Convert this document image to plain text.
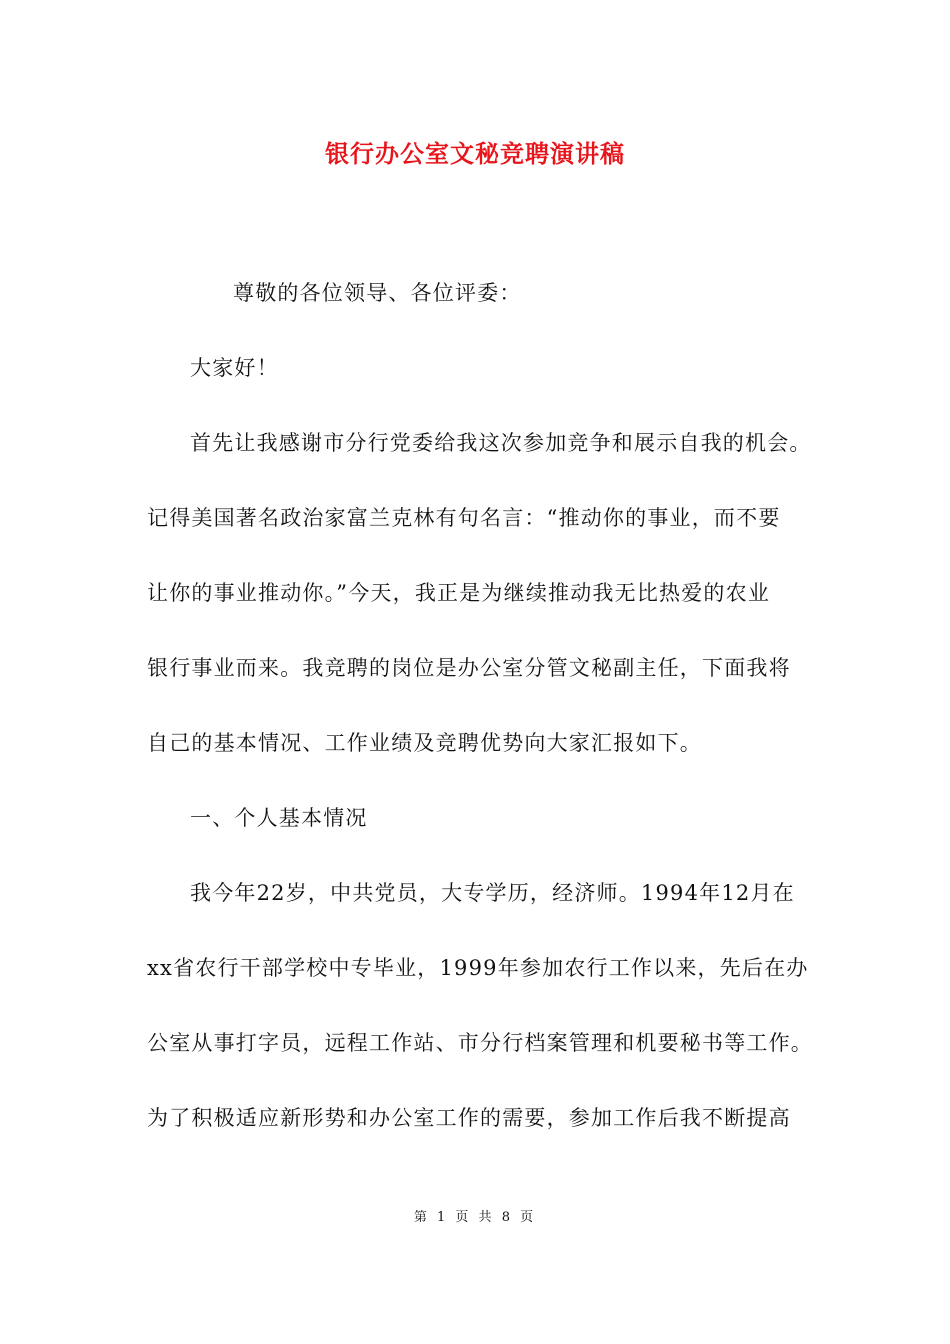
银行办公室文秘竞聘演讲稿
尊敬的各位领导、各位评委：
大家好！
首先让我感谢市分行党委给我这次参加竞争和展示自我的机会。
记得美国著名政治家富兰克林有句名言：“推动你的事业，而不要
让你的事业推动你。”今天，我正是为继续推动我无比热爱的农业
银行事业而来。我竞聘的岗位是办公室分管文秘副主任，下面我将
自己的基本情况、工作业绩及竞聘优势向大家汇报如下。
一、个人基本情况
我今年22岁，中共党员，大专学历，经济师。1994年12月在
xx省农行干部学校中专毕业，1999年参加农行工作以来，先后在办
公室从事打字员，远程工作站、市分行档案管理和机要秘书等工作。
为了积极适应新形势和办公室工作的需要，参加工作后我不断提高
第 1 页 共 8 页
